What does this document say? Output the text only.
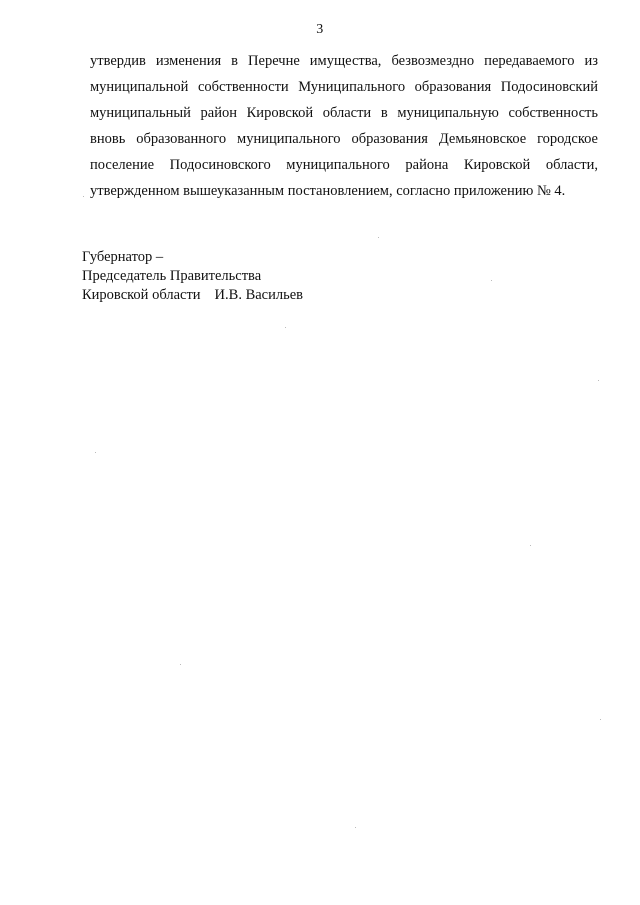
3
утвердив изменения в Перечне имущества, безвозмездно передаваемого из
муниципальной собственности Муниципального образования Подосиновский
муниципальный район Кировской области в муниципальную собственность
вновь образованного муниципального образования Демьяновское городское
поселение Подосиновского муниципального района Кировской области,
утвержденном вышеуказанным постановлением, согласно приложению № 4.
Губернатор –
Председатель Правительства
Кировской области И.В. Васильев
